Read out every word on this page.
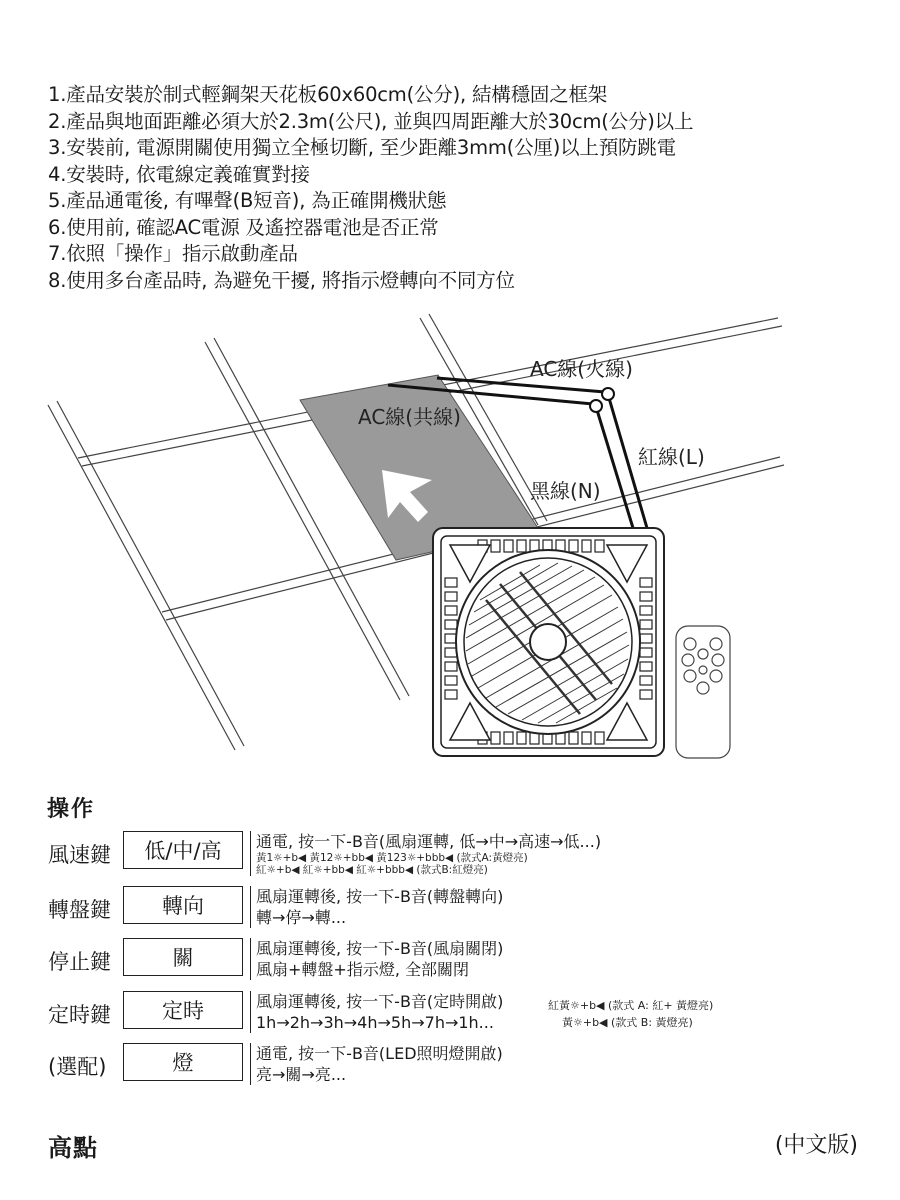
1.產品安裝於制式輕鋼架天花板60x60cm(公分), 結構穩固之框架
2.產品與地面距離必須大於2.3m(公尺), 並與四周距離大於30cm(公分)以上
3.安裝前, 電源開關使用獨立全極切斷, 至少距離3mm(公厘)以上預防跳電
4.安裝時, 依電線定義確實對接
5.產品通電後, 有嗶聲(B短音), 為正確開機狀態
6.使用前, 確認AC電源 及遙控器電池是否正常
7.依照「操作」指示啟動產品
8.使用多台產品時, 為避免干擾, 將指示燈轉向不同方位
AC線(火線)
AC線(共線)
紅線(L)
黑線(N)
操作
風速鍵	低/中/高	通電, 按一下-B音(風扇運轉, 低→中→高速→低...)
黃1☼+b◀ 黃12☼+bb◀ 黃123☼+bbb◀ (款式A:黃燈亮)
紅☼+b◀ 紅☼+bb◀ 紅☼+bbb◀ (款式B:紅燈亮)
轉盤鍵	轉向	風扇運轉後, 按一下-B音(轉盤轉向)
轉→停→轉...
停止鍵	關	風扇運轉後, 按一下-B音(風扇關閉)
風扇+轉盤+指示燈, 全部關閉
定時鍵	定時	風扇運轉後, 按一下-B音(定時開啟)
1h→2h→3h→4h→5h→7h→1h...
紅黃☼+b◀ (款式 A: 紅+ 黃燈亮)
黃☼+b◀ (款式 B: 黃燈亮)
(選配)	燈	通電, 按一下-B音(LED照明燈開啟)
亮→關→亮...
高點	(中文版)
